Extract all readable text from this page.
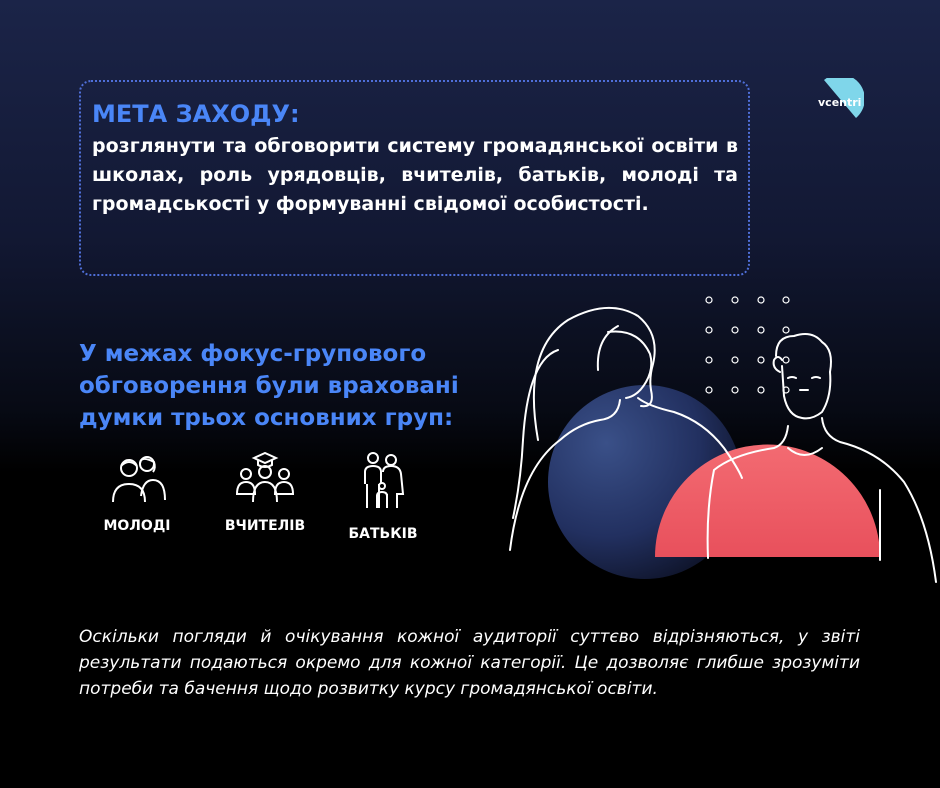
МЕТА ЗАХОДУ:

розглянути та обговорити систему громадянської освіти в школах, роль урядовців, вчителів, батьків, молоді та громадськості у формуванні свідомої особистості.

vcentri

У межах фокус-групового обговорення були враховані думки трьох основних груп:

МОЛОДІ	ВЧИТЕЛІВ	БАТЬКІВ

Оскільки погляди й очікування кожної аудиторії суттєво відрізняються, у звіті результати подаються окремо для кожної категорії. Це дозволяє глибше зрозуміти потреби та бачення щодо розвитку курсу громадянської освіти.
